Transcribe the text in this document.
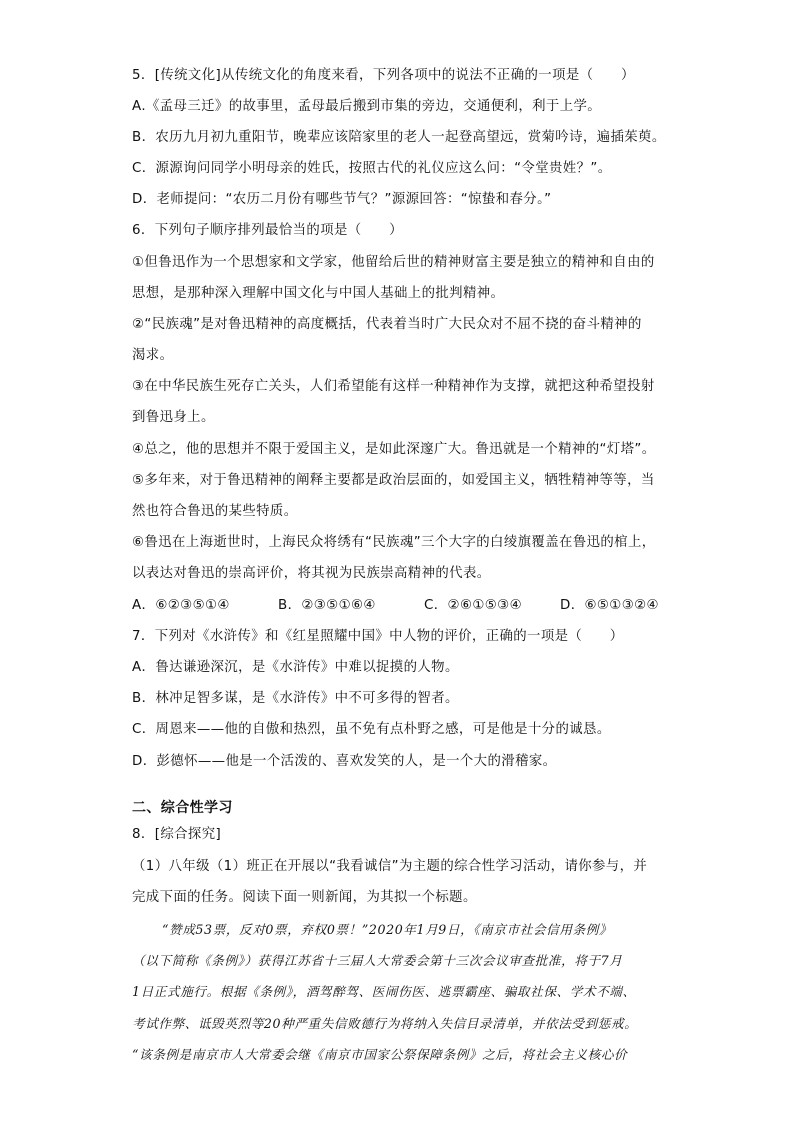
5．[传统文化]从传统文化的角度来看，下列各项中的说法不正确的一项是（　　）
A.《孟母三迁》的故事里，孟母最后搬到市集的旁边，交通便利，利于上学。
B．农历九月初九重阳节，晚辈应该陪家里的老人一起登高望远，赏菊吟诗，遍插茱萸。
C．源源询问同学小明母亲的姓氏，按照古代的礼仪应这么问：“令堂贵姓？”。
D．老师提问：“农历二月份有哪些节气？”源源回答：“惊蛰和春分。”
6．下列句子顺序排列最恰当的项是（　　）
①但鲁迅作为一个思想家和文学家，他留给后世的精神财富主要是独立的精神和自由的
思想，是那种深入理解中国文化与中国人基础上的批判精神。
②“民族魂”是对鲁迅精神的高度概括，代表着当时广大民众对不屈不挠的奋斗精神的
渴求。
③在中华民族生死存亡关头，人们希望能有这样一种精神作为支撑，就把这种希望投射
到鲁迅身上。
④总之，他的思想并不限于爱国主义，是如此深邃广大。鲁迅就是一个精神的“灯塔”。
⑤多年来，对于鲁迅精神的阐释主要都是政治层面的，如爱国主义，牺牲精神等等，当
然也符合鲁迅的某些特质。
⑥鲁迅在上海逝世时，上海民众将绣有“民族魂”三个大字的白绫旗覆盖在鲁迅的棺上，
以表达对鲁迅的崇高评价，将其视为民族崇高精神的代表。
A．⑥②③⑤①④	B．②③⑤①⑥④	C．②⑥①⑤③④	D．⑥⑤①③②④
7．下列对《水浒传》和《红星照耀中国》中人物的评价，正确的一项是（　　）
A．鲁达谦逊深沉，是《水浒传》中难以捉摸的人物。
B．林冲足智多谋，是《水浒传》中不可多得的智者。
C．周恩来——他的自傲和热烈，虽不免有点朴野之感，可是他是十分的诚恳。
D．彭德怀——他是一个活泼的、喜欢发笑的人，是一个大的滑稽家。
二、综合性学习
8．[综合探究]
（1）八年级（1）班正在开展以“我看诚信”为主题的综合性学习活动，请你参与，并
完成下面的任务。阅读下面一则新闻，为其拟一个标题。
“赞成53票，反对0票，弃权0票！”2020年1月9日，《南京市社会信用条例》
（以下简称《条例》）获得江苏省十三届人大常委会第十三次会议审查批准，将于7月
1日正式施行。根据《条例》，酒驾醉驾、医闹伤医、逃票霸座、骗取社保、学术不端、
考试作弊、诋毁英烈等20种严重失信败德行为将纳入失信目录清单，并依法受到惩戒。
“该条例是南京市人大常委会继《南京市国家公祭保障条例》之后，将社会主义核心价
